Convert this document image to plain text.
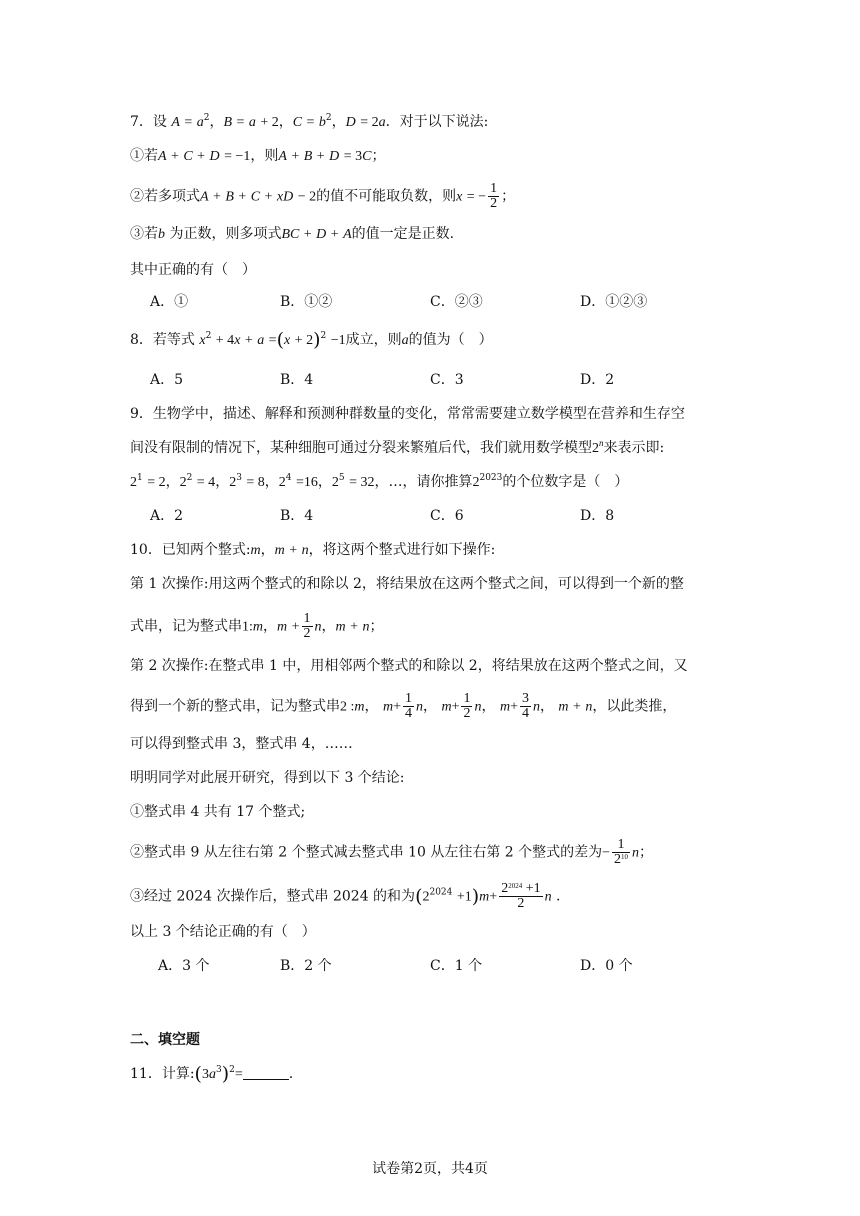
7．设 $A = a^2$，B = a + 2，$C = b^2$，D = 2a．对于以下说法:
①若A + C + D = −1，则A + B + D = 3C；
②若多项式A + B + C + xD − 2的值不可能取负数，则x = − $\frac{1}{2}$ ；
③若b 为正数，则多项式BC + D + A的值一定是正数.
其中正确的有（　）
A．①	B．①②	C．②③	D．①②③
8．若等式 $x^2 + 4x + a =(x + 2)^2 -1$成立，则a的值为（　）
A．5	B．4	C．3	D．2
9．生物学中，描述、解释和预测种群数量的变化，常常需要建立数学模型在营养和生存空
间没有限制的情况下，某种细胞可通过分裂来繁殖后代，我们就用数学模型2$^n$来表示即:
$2^1 = 2$，$2^2 = 4$，$2^3 = 8$，$2^4 =16$，$2^5 = 32$，…，请你推算$2^{2023}$的个位数字是（　）
A．2	B．4	C．6	D．8
10．已知两个整式:m，m + n，将这两个整式进行如下操作:
第 1 次操作:用这两个整式的和除以 2，将结果放在这两个整式之间，可以得到一个新的整
式串，记为整式串1:m，$m + \frac{1}{2}$ n，m + n；
第 2 次操作:在整式串 1 中，用相邻两个整式的和除以 2，将结果放在这两个整式之间，又
得到一个新的整式串，记为整式串2 :m， $m+ \frac{1}{4}$ n， $m+ \frac{1}{2}$ n， $m+ \frac{3}{4}$ n， m + n，以此类推，
可以得到整式串 3，整式串 4，……
明明同学对此展开研究，得到以下 3 个结论:
①整式串 4 共有 17 个整式;
②整式串 9 从左往右第 2 个整式减去整式串 10 从左往右第 2 个整式的差为− $\frac{1}{2^{10}}$ n；
③经过 2024 次操作后，整式串 2024 的和为$(2^{2024} +1)m+ \frac{2^{2024} +1}{2}$ n .
以上 3 个结论正确的有（　）
A．3 个	B．2 个	C．1 个	D．0 个
二、填空题
11．计算$:(3a^3)^2=$	.
试卷第2页，共4页
